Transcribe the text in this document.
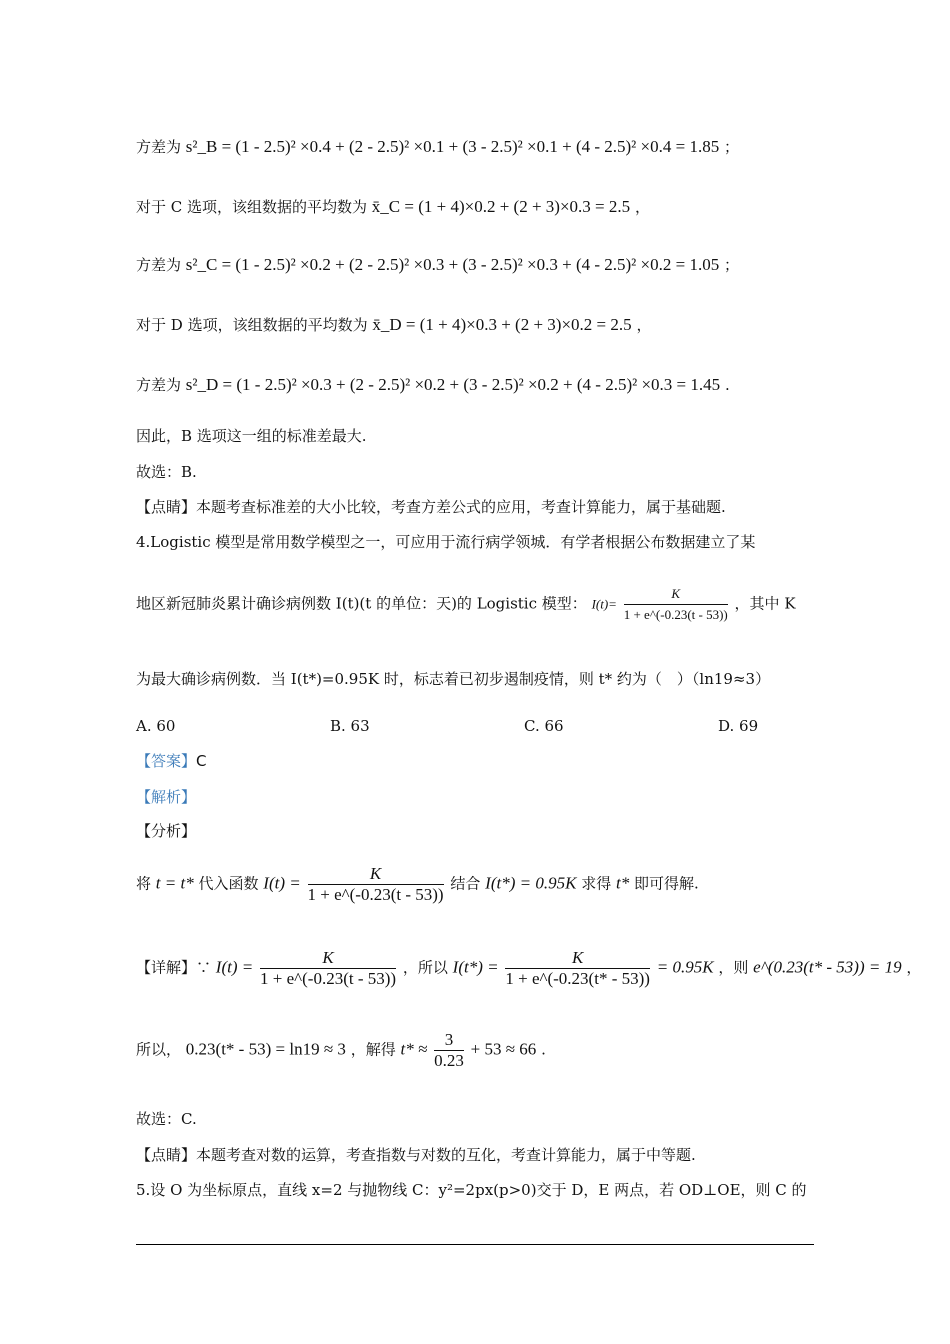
方差为 s²_B = (1 - 2.5)² ×0.4 + (2 - 2.5)² ×0.1 + (3 - 2.5)² ×0.1 + (4 - 2.5)² ×0.4 = 1.85 ；
对于 C 选项，该组数据的平均数为 x̄_C = (1 + 4)×0.2 + (2 + 3)×0.3 = 2.5 ，
方差为 s²_C = (1 - 2.5)² ×0.2 + (2 - 2.5)² ×0.3 + (3 - 2.5)² ×0.3 + (4 - 2.5)² ×0.2 = 1.05 ；
对于 D 选项，该组数据的平均数为 x̄_D = (1 + 4)×0.3 + (2 + 3)×0.2 = 2.5 ，
方差为 s²_D = (1 - 2.5)² ×0.3 + (2 - 2.5)² ×0.2 + (3 - 2.5)² ×0.2 + (4 - 2.5)² ×0.3 = 1.45 .
因此，B 选项这一组的标准差最大.
故选：B.
【点睛】本题考查标准差的大小比较，考查方差公式的应用，考查计算能力，属于基础题.
4.Logistic 模型是常用数学模型之一，可应用于流行病学领城．有学者根据公布数据建立了某
地区新冠肺炎累计确诊病例数 I(t)(t 的单位：天)的 Logistic 模型： $I(t)= \frac{K}{1 + e\^{}(-0.23(t - 53))}$ ，其中 K
为最大确诊病例数．当 I(t*)=0.95K 时，标志着已初步遏制疫情，则 t* 约为（　）（ln19≈3）
A. 60	B. 63	C. 66	D. 69
【答案】C
【解析】
【分析】
将 t = t* 代入函数 $I(t) = \frac{K}{1 + e\^{}(-0.23(t - 53))}$ 结合 I(t*) = 0.95K 求得 t* 即可得解.
【详解】∵ $I(t) = \frac{K}{1 + e\^{}(-0.23(t - 53))}$ ，所以 $I(t*) = \frac{K}{1 + e\^{}(-0.23(t* - 53))} = 0.95K$ ，则 e^(0.23(t* - 53)) = 19 ，
所以， 0.23(t* - 53) = ln19 ≈ 3 ，解得 $t* \approx \frac{3}{0.23} + 53 \approx 66$ .
故选：C.
【点睛】本题考查对数的运算，考查指数与对数的互化，考查计算能力，属于中等题.
5.设 O 为坐标原点，直线 x=2 与抛物线 C：y²=2px(p>0)交于 D，E 两点，若 OD⊥OE，则 C 的
